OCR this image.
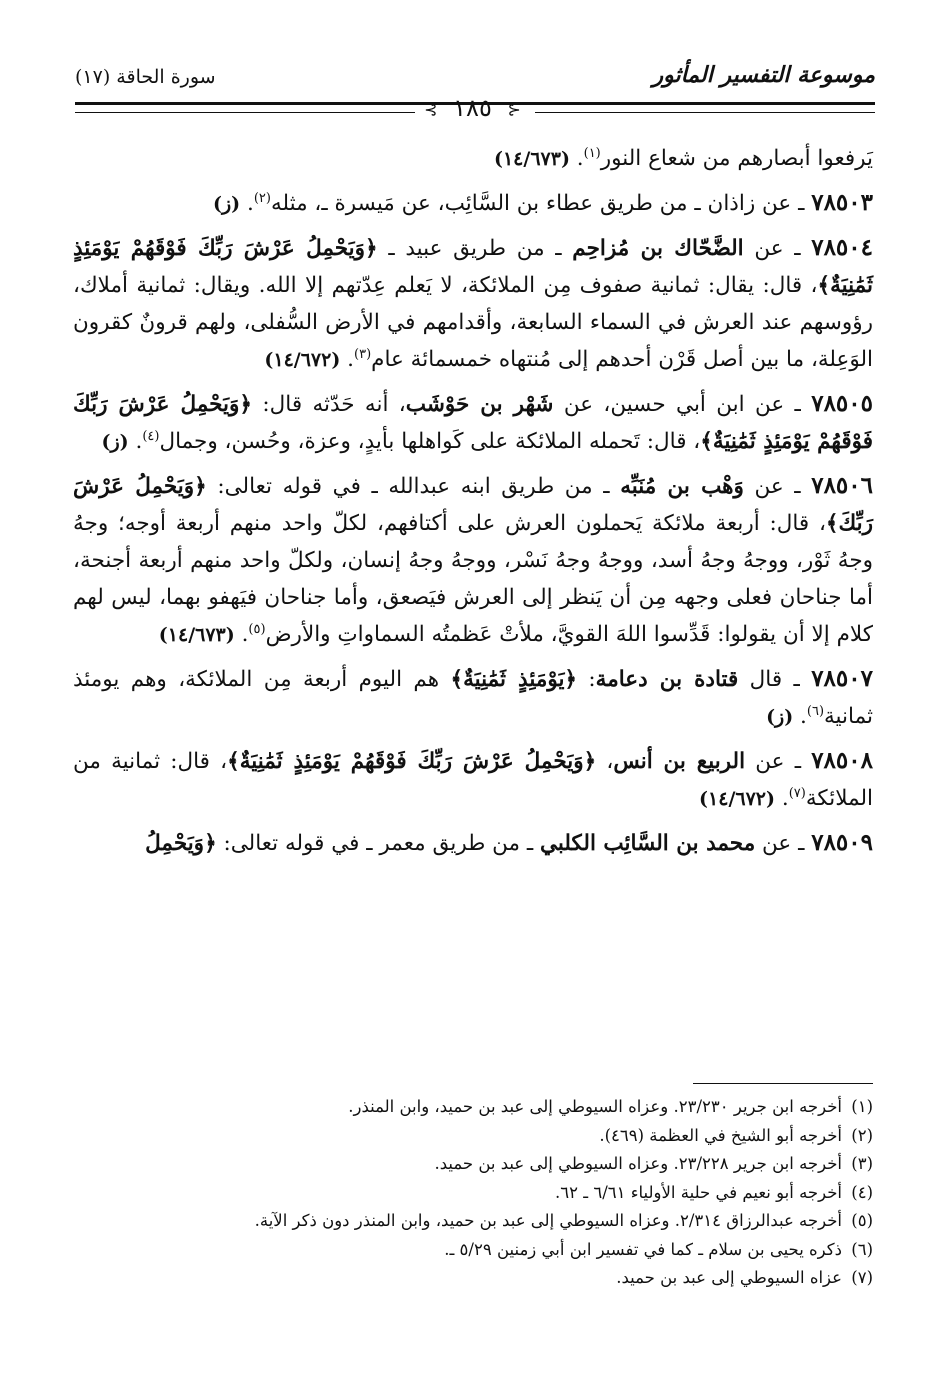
موسوعة التفسير المأثور
سورة الحاقة (١٧)
⊰ ١٨٥ ⊱

يَرفعوا أبصارهم من شعاع النور$^{(١)}$. (١٤/٦٧٣)

٧٨٥٠٣ ـ عن زاذان ـ من طريق عطاء بن السَّائِب، عن مَيسرة ـ، مثله$^{(٢)}$. (ز)

٧٨٥٠٤ ـ عن الضَّحّاك بن مُزاحِم ـ من طريق عبيد ـ ﴿وَيَحْمِلُ عَرْشَ رَبِّكَ فَوْقَهُمْ يَوْمَئِذٍ ثَمَٰنِيَةٌ﴾، قال: يقال: ثمانية صفوف مِن الملائكة، لا يَعلم عِدّتهم إلا الله. ويقال: ثمانية أملاك، رؤوسهم عند العرش في السماء السابعة، وأقدامهم في الأرض السُّفلى، ولهم قرونٌ كقرون الوَعِلة، ما بين أصل قَرْن أحدهم إلى مُنتهاه خمسمائة عام$^{(٣)}$. (١٤/٦٧٢)

٧٨٥٠٥ ـ عن ابن أبي حسين، عن شَهْر بن حَوْشَب، أنه حَدّثه قال: ﴿وَيَحْمِلُ عَرْشَ رَبِّكَ فَوْقَهُمْ يَوْمَئِذٍ ثَمَٰنِيَةٌ﴾، قال: تَحمله الملائكة على كَواهلها بأيدٍ، وعزة، وحُسن، وجمال$^{(٤)}$. (ز)

٧٨٥٠٦ ـ عن وَهْب بن مُنَبِّه ـ من طريق ابنه عبدالله ـ في قوله تعالى: ﴿وَيَحْمِلُ عَرْشَ رَبِّكَ﴾، قال: أربعة ملائكة يَحملون العرش على أكتافهم، لكلّ واحد منهم أربعة أوجه؛ وجهُ وجهُ ثَوْر، ووجهُ وجهُ أسد، ووجهُ وجهُ نَسْر، ووجهُ وجهُ إنسان، ولكلّ واحد منهم أربعة أجنحة، أما جناحان فعلى وجهه مِن أن يَنظر إلى العرش فيَصعق، وأما جناحان فيَهفو بهما، ليس لهم كلام إلا أن يقولوا: قَدِّسوا اللهَ القويَّ، ملأتْ عَظمتُه السماواتِ والأرض$^{(٥)}$. (١٤/٦٧٣)

٧٨٥٠٧ ـ قال قتادة بن دعامة: ﴿يَوْمَئِذٍ ثَمَٰنِيَةٌ﴾ هم اليوم أربعة مِن الملائكة، وهم يومئذ ثمانية$^{(٦)}$. (ز)

٧٨٥٠٨ ـ عن الربيع بن أنس، ﴿وَيَحْمِلُ عَرْشَ رَبِّكَ فَوْقَهُمْ يَوْمَئِذٍ ثَمَٰنِيَةٌ﴾، قال: ثمانية من الملائكة$^{(٧)}$. (١٤/٦٧٢)

٧٨٥٠٩ ـ عن محمد بن السَّائِب الكلبي ـ من طريق معمر ـ في قوله تعالى: ﴿وَيَحْمِلُ

(١) أخرجه ابن جرير ٢٣/٢٣٠. وعزاه السيوطي إلى عبد بن حميد، وابن المنذر.

(٢) أخرجه أبو الشيخ في العظمة (٤٦٩).

(٣) أخرجه ابن جرير ٢٣/٢٢٨. وعزاه السيوطي إلى عبد بن حميد.

(٤) أخرجه أبو نعيم في حلية الأولياء ٦/٦١ ـ ٦٢.

(٥) أخرجه عبدالرزاق ٢/٣١٤. وعزاه السيوطي إلى عبد بن حميد، وابن المنذر دون ذكر الآية.

(٦) ذكره يحيى بن سلام ـ كما في تفسير ابن أبي زمنين ٥/٢٩ ـ.

(٧) عزاه السيوطي إلى عبد بن حميد.
